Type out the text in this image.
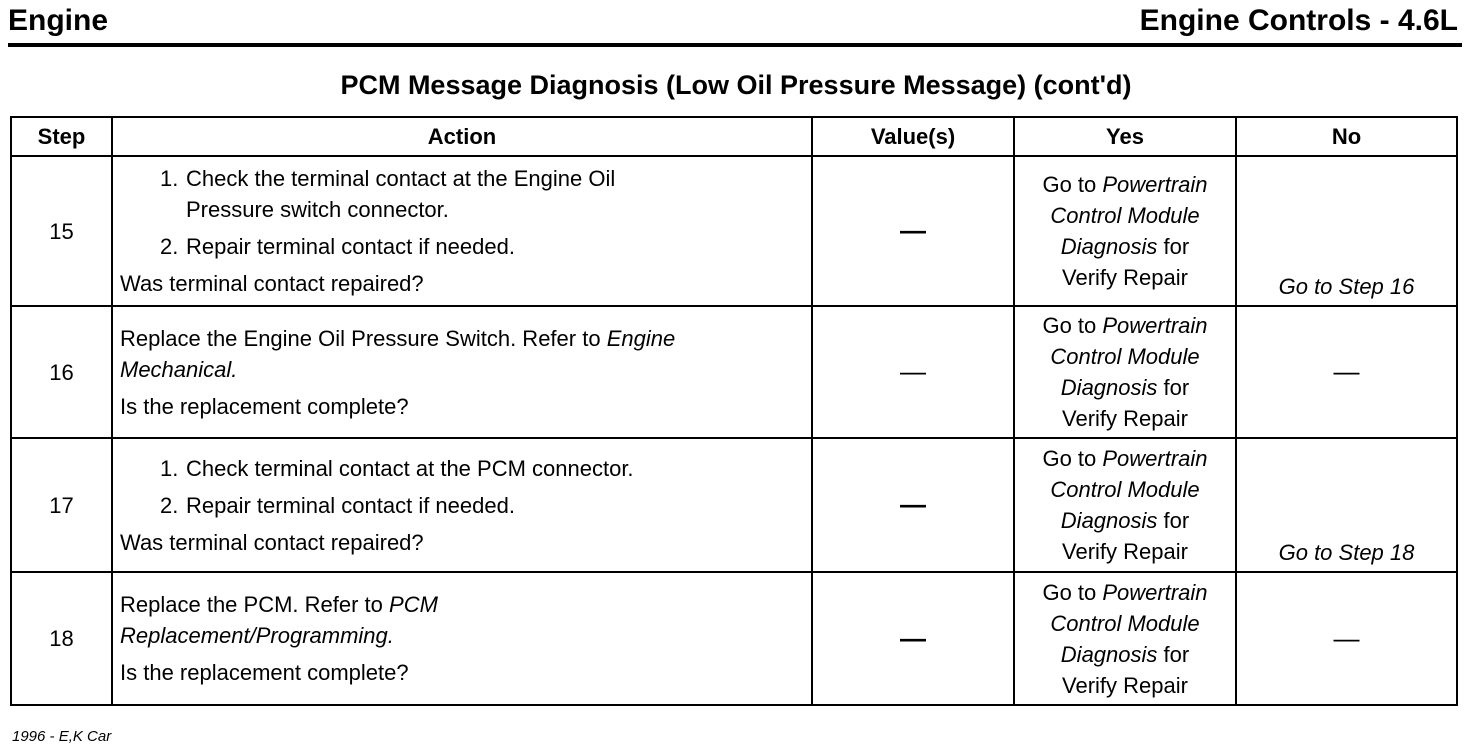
Engine	Engine Controls - 4.6L
PCM Message Diagnosis (Low Oil Pressure Message) (cont'd)
Step	Action	Value(s)	Yes	No
15	1. Check the terminal contact at the Engine Oil
Pressure switch connector.
2. Repair terminal contact if needed.
Was terminal contact repaired?	—	Go to Powertrain
Control Module
Diagnosis for
Verify Repair	Go to Step 16
16	Replace the Engine Oil Pressure Switch. Refer to Engine
Mechanical.
Is the replacement complete?	—	Go to Powertrain
Control Module
Diagnosis for
Verify Repair	—
17	1. Check terminal contact at the PCM connector.
2. Repair terminal contact if needed.
Was terminal contact repaired?	—	Go to Powertrain
Control Module
Diagnosis for
Verify Repair	Go to Step 18
18	Replace the PCM. Refer to PCM
Replacement/Programming.
Is the replacement complete?	—	Go to Powertrain
Control Module
Diagnosis for
Verify Repair	—
1996 - E,K Car
